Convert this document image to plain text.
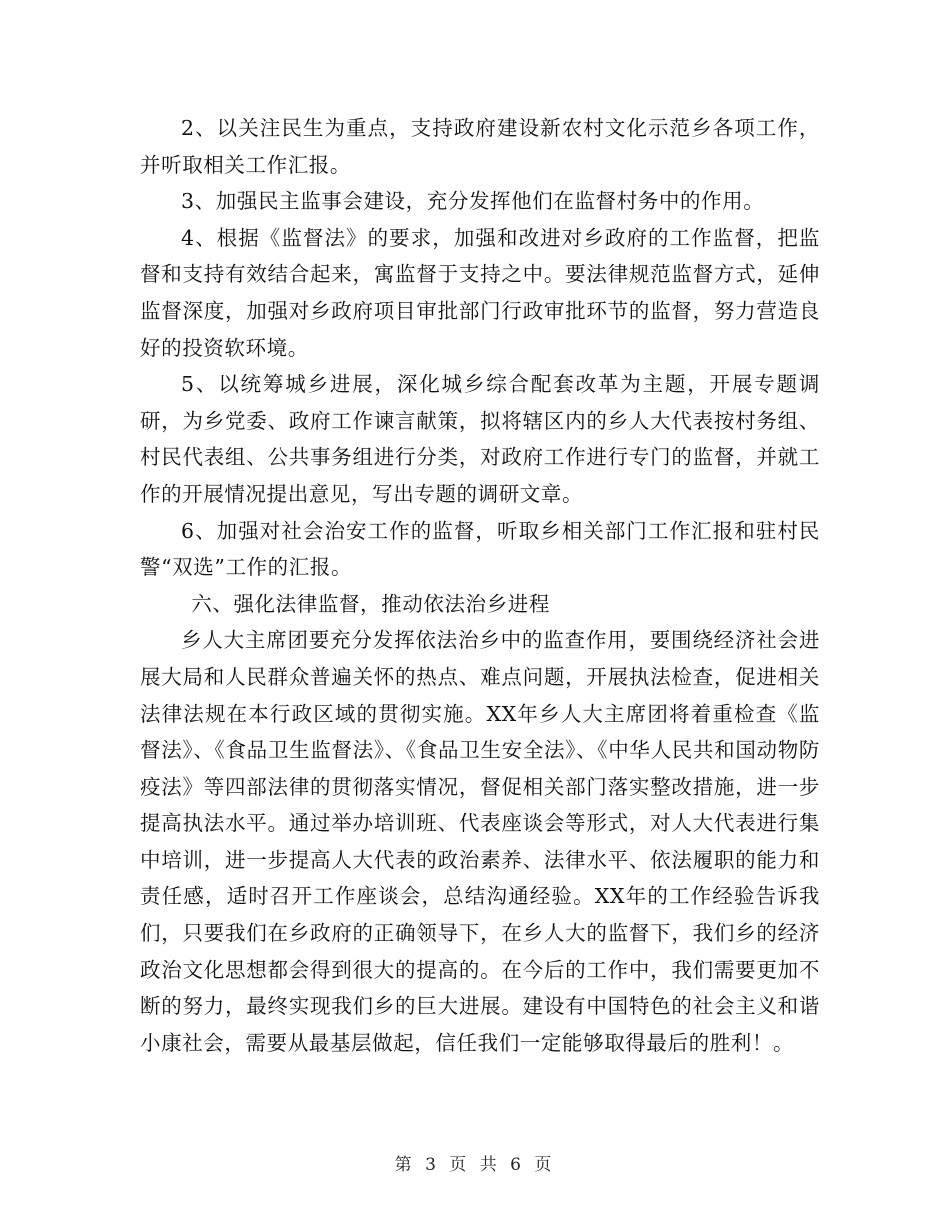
2、以关注民生为重点，支持政府建设新农村文化示范乡各项工作，并听取相关工作汇报。

3、加强民主监事会建设，充分发挥他们在监督村务中的作用。

4、根据《监督法》的要求，加强和改进对乡政府的工作监督，把监督和支持有效结合起来，寓监督于支持之中。要法律规范监督方式，延伸监督深度，加强对乡政府项目审批部门行政审批环节的监督，努力营造良好的投资软环境。

5、以统筹城乡进展，深化城乡综合配套改革为主题，开展专题调研，为乡党委、政府工作谏言献策，拟将辖区内的乡人大代表按村务组、村民代表组、公共事务组进行分类，对政府工作进行专门的监督，并就工作的开展情况提出意见，写出专题的调研文章。

6、加强对社会治安工作的监督，听取乡相关部门工作汇报和驻村民警“双选”工作的汇报。

六、强化法律监督，推动依法治乡进程

乡人大主席团要充分发挥依法治乡中的监查作用，要围绕经济社会进展大局和人民群众普遍关怀的热点、难点问题，开展执法检查，促进相关法律法规在本行政区域的贯彻实施。XX年乡人大主席团将着重检查《监督法》、《食品卫生监督法》、《食品卫生安全法》、《中华人民共和国动物防疫法》等四部法律的贯彻落实情况，督促相关部门落实整改措施，进一步提高执法水平。通过举办培训班、代表座谈会等形式，对人大代表进行集中培训，进一步提高人大代表的政治素养、法律水平、依法履职的能力和责任感，适时召开工作座谈会，总结沟通经验。XX年的工作经验告诉我们，只要我们在乡政府的正确领导下，在乡人大的监督下，我们乡的经济政治文化思想都会得到很大的提高的。在今后的工作中，我们需要更加不断的努力，最终实现我们乡的巨大进展。建设有中国特色的社会主义和谐小康社会，需要从最基层做起，信任我们一定能够取得最后的胜利！。

第 3 页 共 6 页
